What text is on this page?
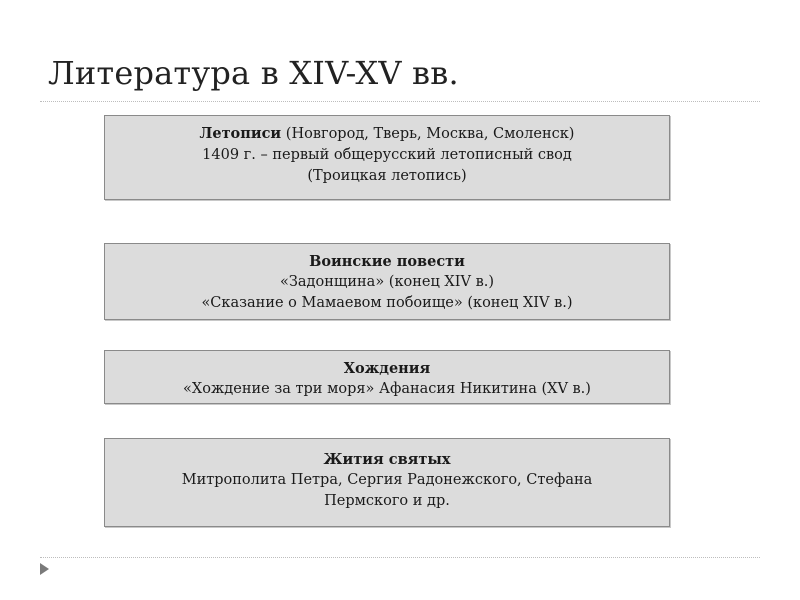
Литература в XIV-XV вв.
Летописи (Новгород, Тверь, Москва, Смоленск)
1409 г. – первый общерусский летописный свод
(Троицкая летопись)
Воинские повести
«Задонщина» (конец XIV в.)
«Сказание о Мамаевом побоище» (конец XIV в.)
Хождения
«Хождение за три моря» Афанасия Никитина (XV в.)
Жития святых
Митрополита Петра, Сергия Радонежского, Стефана
Пермского и др.
